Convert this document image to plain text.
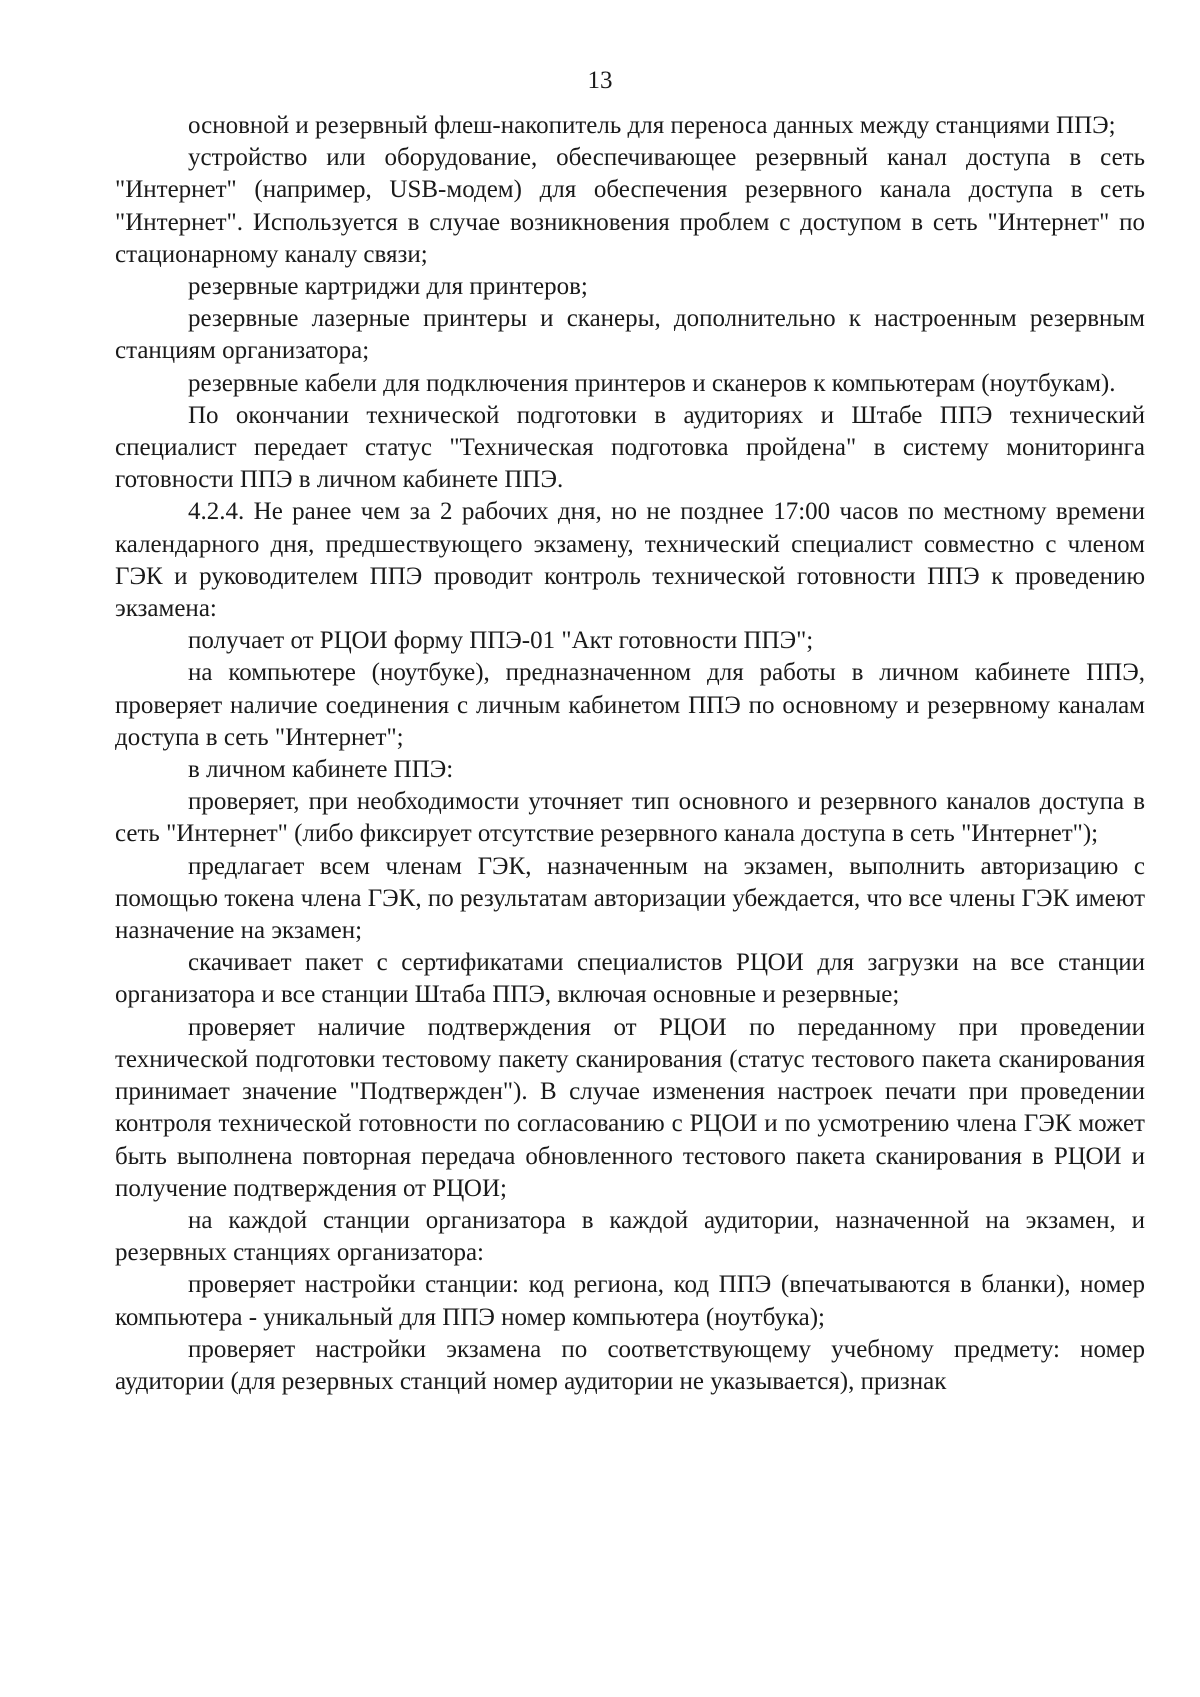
13

основной и резервный флеш-накопитель для переноса данных между станциями ППЭ;

устройство или оборудование, обеспечивающее резервный канал доступа в сеть "Интернет" (например, USB-модем) для обеспечения резервного канала доступа в сеть "Интернет". Используется в случае возникновения проблем с доступом в сеть "Интернет" по стационарному каналу связи;

резервные картриджи для принтеров;

резервные лазерные принтеры и сканеры, дополнительно к настроенным резервным станциям организатора;

резервные кабели для подключения принтеров и сканеров к компьютерам (ноутбукам).

По окончании технической подготовки в аудиториях и Штабе ППЭ технический специалист передает статус "Техническая подготовка пройдена" в систему мониторинга готовности ППЭ в личном кабинете ППЭ.

4.2.4. Не ранее чем за 2 рабочих дня, но не позднее 17:00 часов по местному времени календарного дня, предшествующего экзамену, технический специалист совместно с членом ГЭК и руководителем ППЭ проводит контроль технической готовности ППЭ к проведению экзамена:

получает от РЦОИ форму ППЭ-01 "Акт готовности ППЭ";

на компьютере (ноутбуке), предназначенном для работы в личном кабинете ППЭ, проверяет наличие соединения с личным кабинетом ППЭ по основному и резервному каналам доступа в сеть "Интернет";

в личном кабинете ППЭ:

проверяет, при необходимости уточняет тип основного и резервного каналов доступа в сеть "Интернет" (либо фиксирует отсутствие резервного канала доступа в сеть "Интернет");

предлагает всем членам ГЭК, назначенным на экзамен, выполнить авторизацию с помощью токена члена ГЭК, по результатам авторизации убеждается, что все члены ГЭК имеют назначение на экзамен;

скачивает пакет с сертификатами специалистов РЦОИ для загрузки на все станции организатора и все станции Штаба ППЭ, включая основные и резервные;

проверяет наличие подтверждения от РЦОИ по переданному при проведении технической подготовки тестовому пакету сканирования (статус тестового пакета сканирования принимает значение "Подтвержден"). В случае изменения настроек печати при проведении контроля технической готовности по согласованию с РЦОИ и по усмотрению члена ГЭК может быть выполнена повторная передача обновленного тестового пакета сканирования в РЦОИ и получение подтверждения от РЦОИ;

на каждой станции организатора в каждой аудитории, назначенной на экзамен, и резервных станциях организатора:

проверяет настройки станции: код региона, код ППЭ (впечатываются в бланки), номер компьютера - уникальный для ППЭ номер компьютера (ноутбука);

проверяет настройки экзамена по соответствующему учебному предмету: номер аудитории (для резервных станций номер аудитории не указывается), признак
